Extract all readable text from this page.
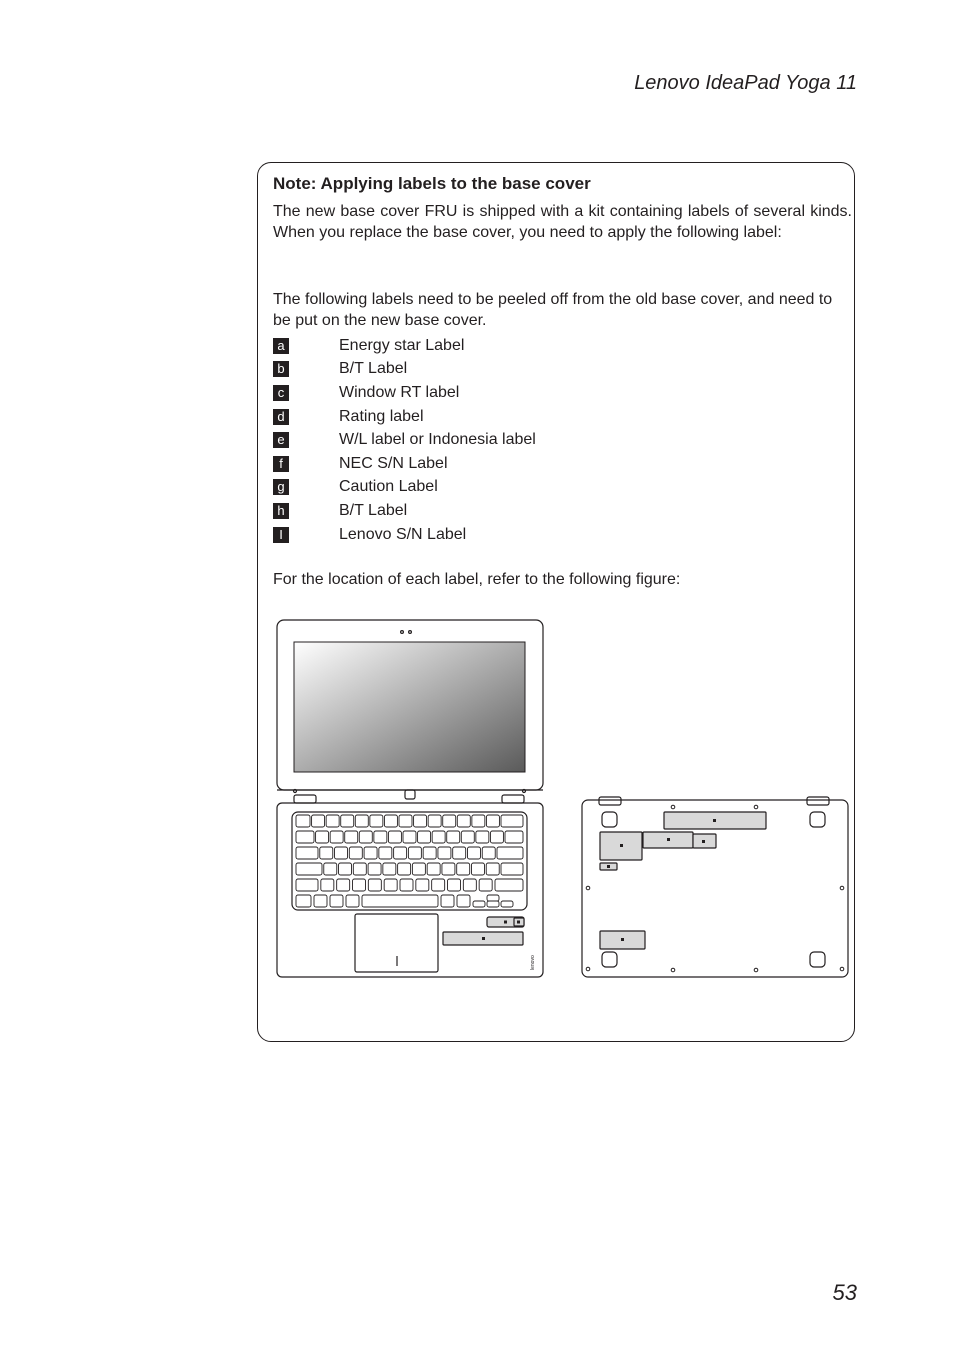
Lenovo IdeaPad Yoga 11
Note: Applying labels to the base cover
The new base cover FRU is shipped with a kit containing labels of several kinds. When you replace the base cover, you need to apply the following label:
The following labels need to be peeled off from the old base cover, and need to be put on the new base cover.
a	Energy star Label
b	B/T Label
c	Window RT label
d	Rating label
e	W/L label or Indonesia label
f	NEC S/N Label
g	Caution Label
h	B/T Label
I	Lenovo S/N Label
For the location of each label, refer to the following figure:
lenovo
53
